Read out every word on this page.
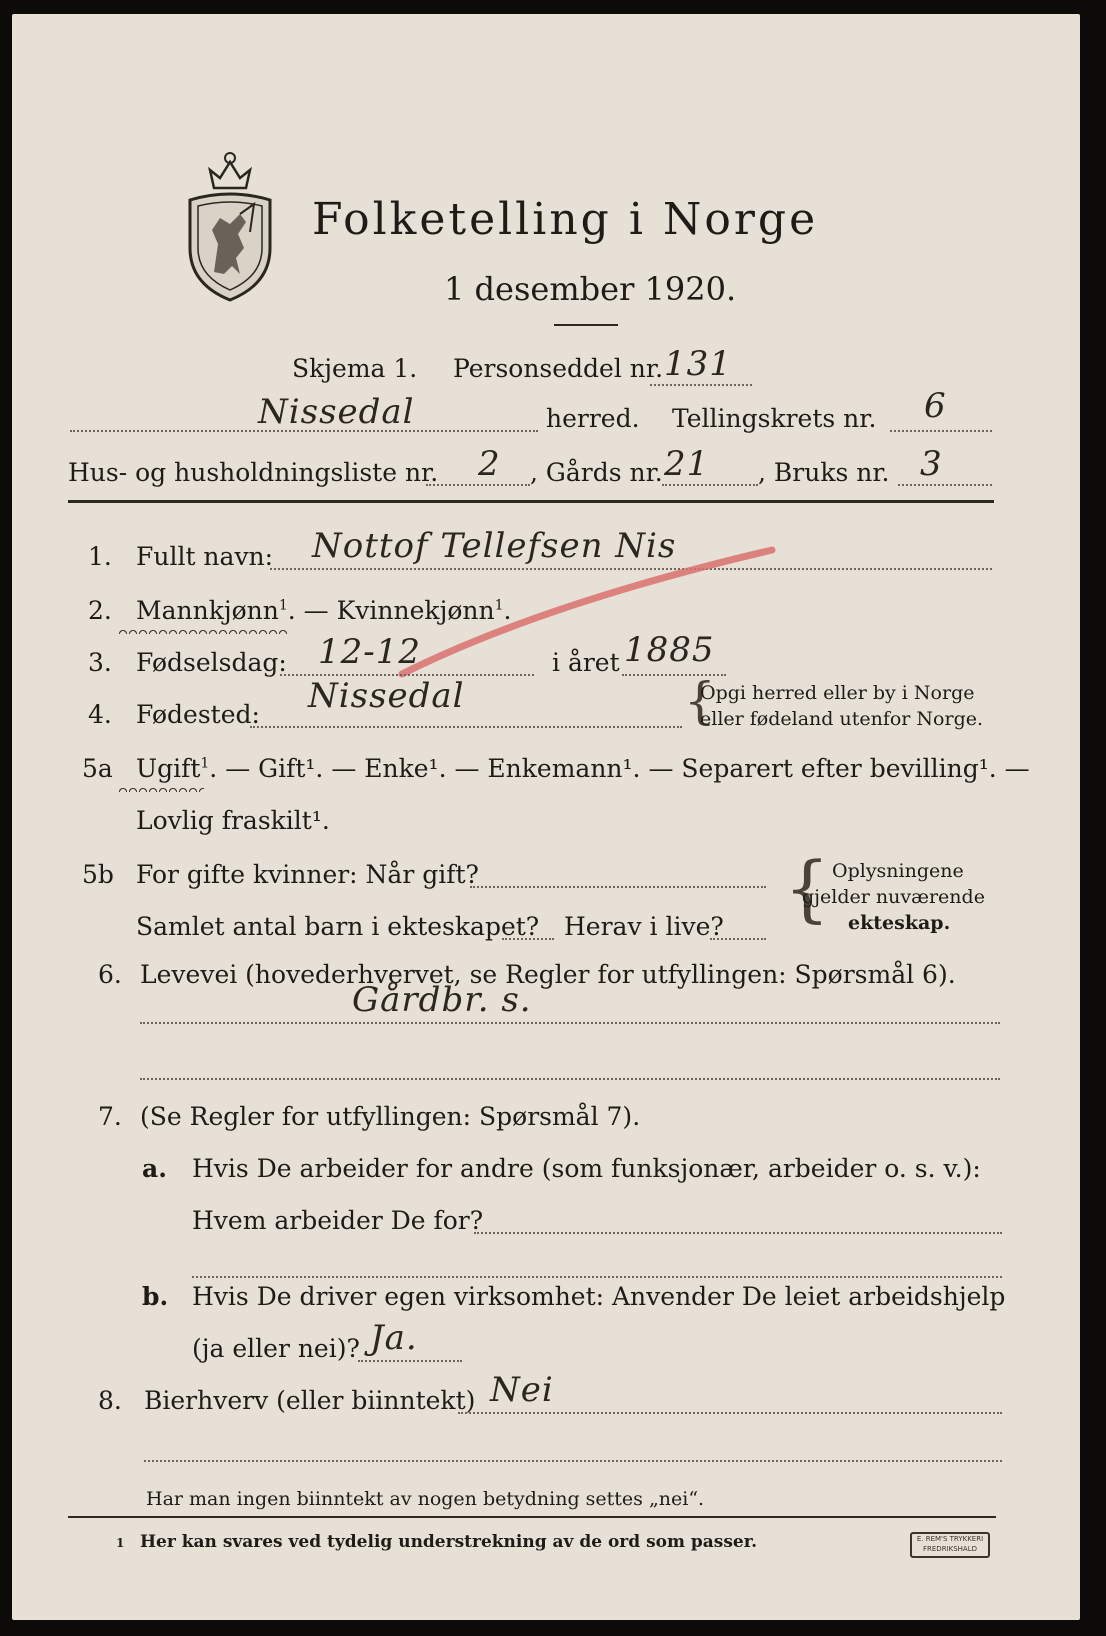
Folketelling i Norge
1 desember 1920.
Skjema 1. Personseddel nr. 131
Nissedal	herred. Tellingskrets nr. 6
Hus- og husholdningsliste nr. 2 , Gårds nr. 21 , Bruks nr. 3
1. Fullt navn: Nottof Tellefsen Nis
2. Mannkjønn$^1$. — Kvinnekjønn$^1$.
3. Fødselsdag: 12-12	i året 1885
4. Fødested: Nissedal	{
Opgi herred eller by i Norge
eller fødeland utenfor Norge.
5a Ugift$^1$. — Gift¹. — Enke¹. — Enkemann¹. — Separert efter bevilling¹. —
Lovlig fraskilt¹.
5b For gifte kvinner: Når gift?
Samlet antal barn i ekteskapet? Herav i live? { Oplysningene
gjelder nuværende
ekteskap.
6. Levevei (hovederhvervet, se Regler for utfyllingen: Spørsmål 6).
Gårdbr. s.
7. (Se Regler for utfyllingen: Spørsmål 7).
a. Hvis De arbeider for andre (som funksjonær, arbeider o. s. v.):
Hvem arbeider De for?
b. Hvis De driver egen virksomhet: Anvender De leiet arbeidshjelp
(ja eller nei)? Ja.
8. Bierhverv (eller biinntekt) Nei
Har man ingen biinntekt av nogen betydning settes „nei“.
1 Her kan svares ved tydelig understrekning av de ord som passer.	E. REM'S TRYKKERI
FREDRIKSHALD
